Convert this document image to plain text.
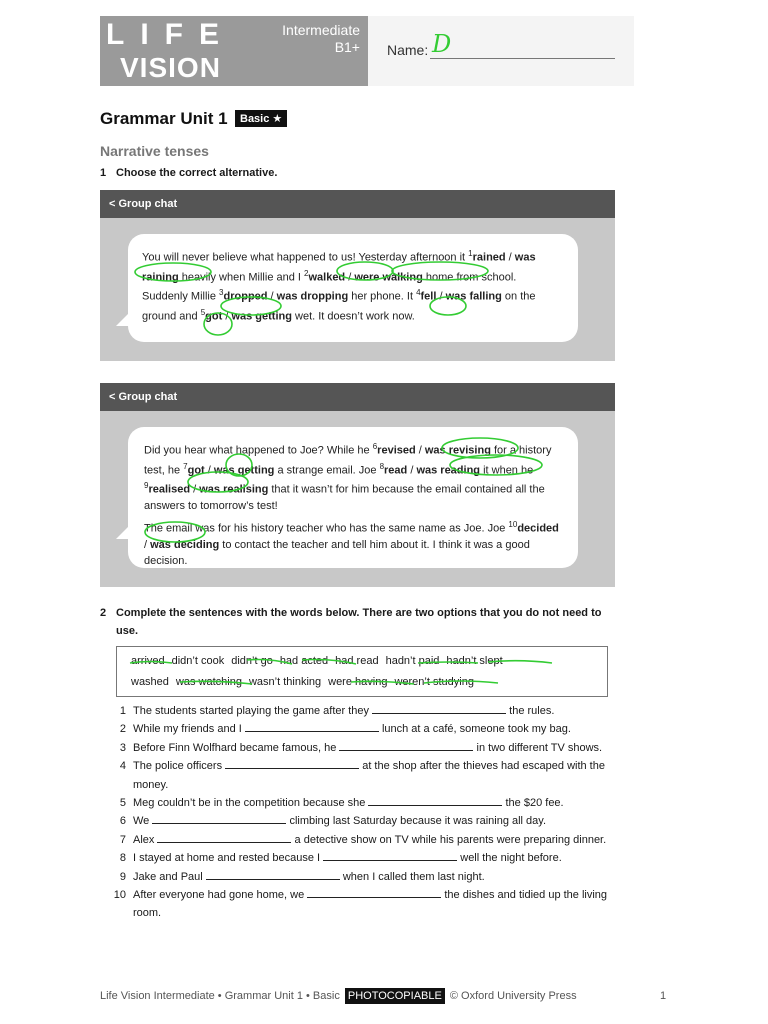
LIFE
VISION
Intermediate
B1+ Name: D
Grammar Unit 1	Basic ★
Narrative tenses
1 Choose the correct alternative.
< Group chat

You will never believe what happened to us! Yesterday afternoon it $^1$rained / was raining heavily when Millie and I $^2$walked / were walking home from school.

Suddenly Millie $^3$dropped / was dropping her phone. It $^4$fell / was falling on the ground and $^5$got / was getting wet. It doesn’t work now.

< Group chat

Did you hear what happened to Joe? While he $^6$revised / was revising for a history test, he $^7$got / was getting a strange email. Joe $^8$read / was reading it when he $^9$realised / was realising that it wasn’t for him because the email contained all the answers to tomorrow’s test!

The email was for his history teacher who has the same name as Joe. Joe $^{10}$decided / was deciding to contact the teacher and tell him about it. I think it was a good decision.

2 Complete the sentences with the words below. There are two options that you do not need to use.
arrived didn’t cook didn’t go had acted had read hadn’t paid hadn’t slept
washed was watching wasn’t thinking were having weren’t studying
1 The students started playing the game after they	the rules.
2 While my friends and I	lunch at a café, someone took my bag.
3 Before Finn Wolfhard became famous, he	in two different TV shows.
4 The police officers	at the shop after the thieves had escaped with the money.
5 Meg couldn’t be in the competition because she	the $20 fee.
6 We	climbing last Saturday because it was raining all day.
7 Alex	a detective show on TV while his parents were preparing dinner.
8 I stayed at home and rested because I	well the night before.
9 Jake and Paul	when I called them last night.
10 After everyone had gone home, we	the dishes and tidied up the living room.
Life Vision Intermediate • Grammar Unit 1 • Basic PHOTOCOPIABLE © Oxford University Press	1
